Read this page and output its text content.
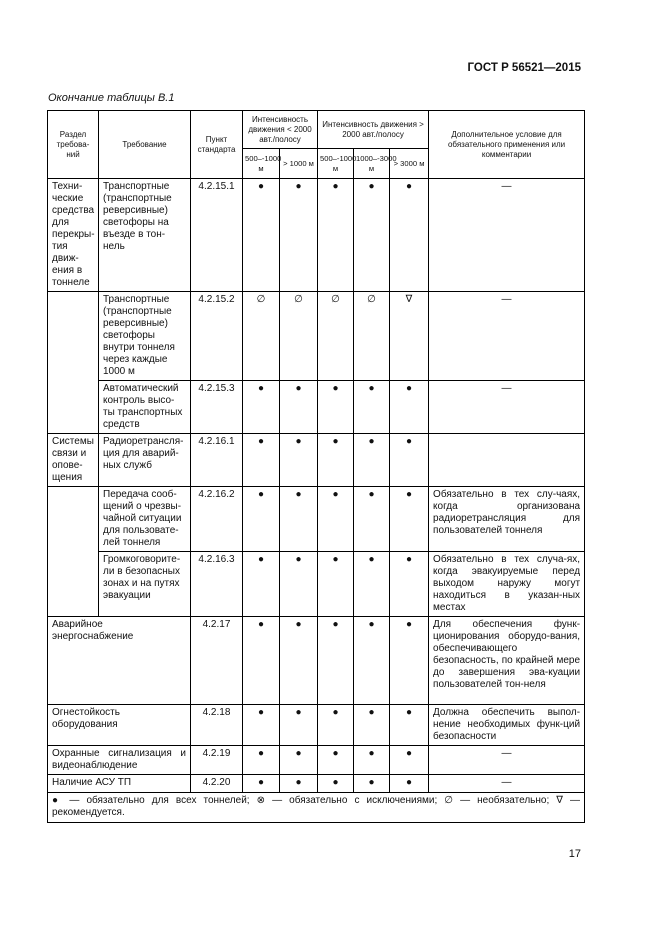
ГОСТ Р 56521—2015
Окончание таблицы В.1
Раздел требова-ний	Требование	Пункт стандарта	Интенсивность движения < 2000 авт./полосу		Интенсивность движения > 2000 авт./полосу			Дополнительное условие для обязательного применения или комментарии
			500–-1000 м	> 1000 м	500–-1000 м	1000–-3000 м	> 3000 м	
Техни-ческие средства для перекры-тия движ-ения в тоннеле	Транспортные (транспортные реверсивные) светофоры на въезде в тон-нель	4.2.15.1	●	●	●	●	●	—
	Транспортные (транспортные реверсивные) светофоры внутри тоннеля через каждые 1000 м	4.2.15.2	∅	∅	∅	∅	∇	—
	Автоматический контроль высо-ты транспортных средств	4.2.15.3	●	●	●	●	●	—
Системы связи и опове-щения	Радиоретрансля-ция для аварий-ных служб	4.2.16.1	●	●	●	●	●	
	Передача сооб-щений о чрезвы-чайной ситуации для пользовате-лей тоннеля	4.2.16.2	●	●	●	●	●	Обязательно в тех слу-чаях, когда организована радиоретрансляция для пользователей тоннеля
	Громкоговорите-ли в безопасных зонах и на путях эвакуации	4.2.16.3	●	●	●	●	●	Обязательно в тех случа-ях, когда эвакуируемые перед выходом наружу могут находиться в указан-ных местах
Аварийное энергоснабжение		4.2.17	●	●	●	●	●	Для обеспечения функ-ционирования оборудо-вания, обеспечивающего безопасность, по крайней мере до завершения эва-куации пользователей тон-неля
Огнестойкость оборудования		4.2.18	●	●	●	●	●	Должна обеспечить выпол-нение необходимых функ-ций безопасности
Охранные сигнализация и видеонаблюдение		4.2.19	●	●	●	●	●	—
Наличие АСУ ТП		4.2.20	●	●	●	●	●	—
● — обязательно для всех тоннелей; ⊗ — обязательно с исключениями; ∅ — необязательно; ∇ — рекомендуется.								
17
